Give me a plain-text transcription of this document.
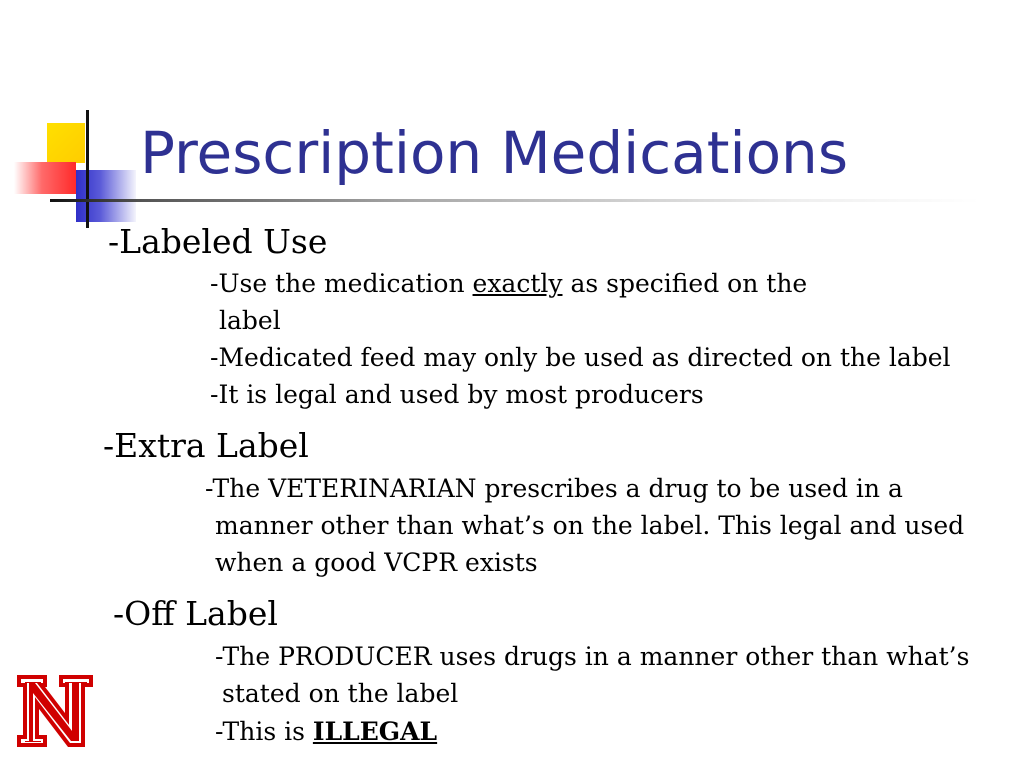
Prescription Medications

-Labeled Use

-Use the medication exactly as specified on the

label

-Medicated feed may only be used as directed on the label

-It is legal and used by most producers

-Extra Label

-The VETERINARIAN prescribes a drug to be used in a

manner other than what’s on the label. This legal and used

when a good VCPR exists

-Off Label

-The PRODUCER uses drugs in a manner other than what’s

stated on the label

-This is ILLEGAL
